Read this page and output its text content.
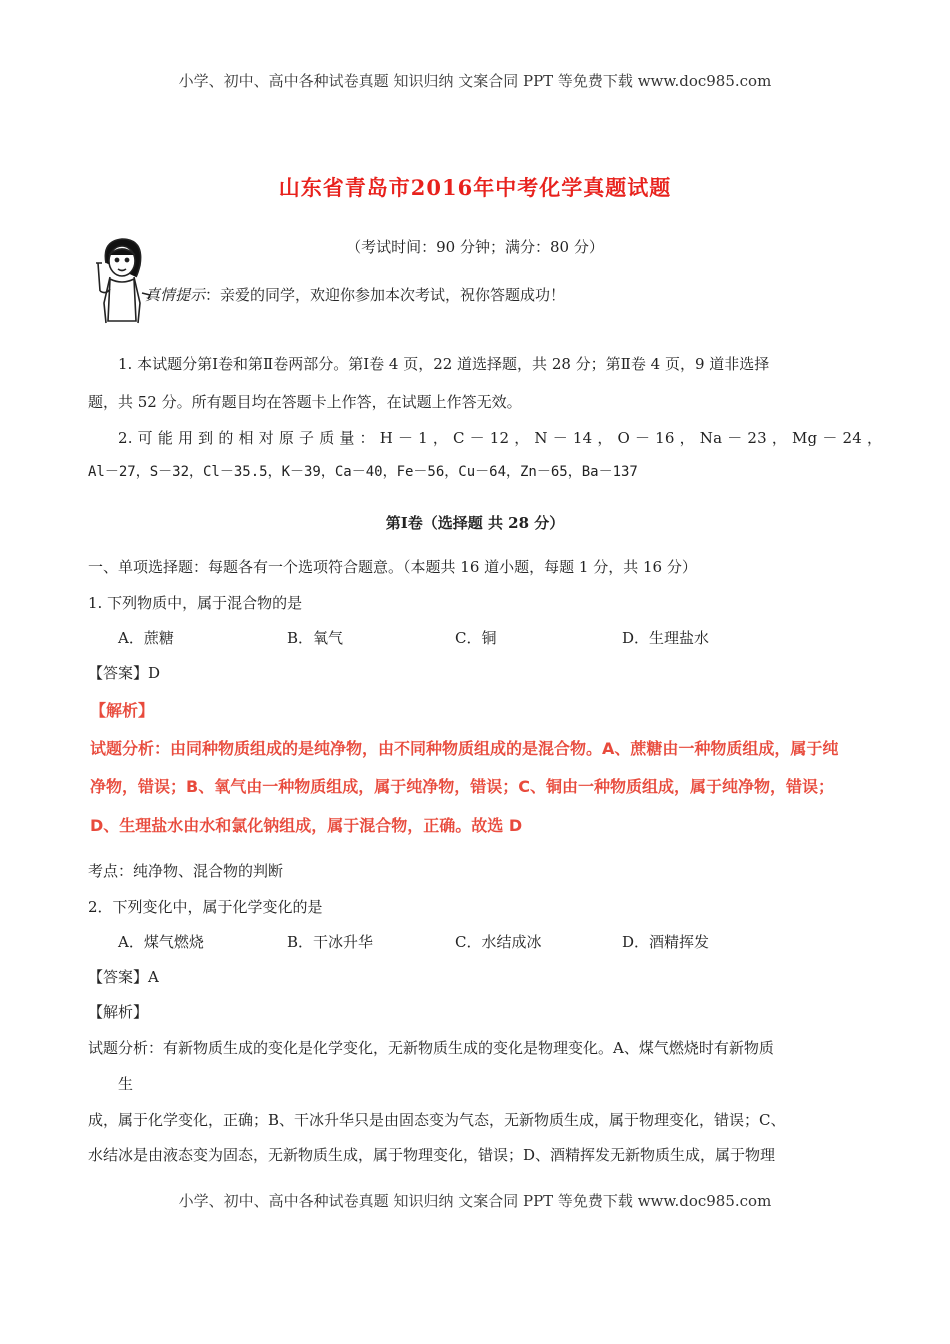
小学、初中、高中各种试卷真题 知识归纳 文案合同 PPT 等免费下载 www.doc985.com
山东省青岛市2016年中考化学真题试题
（考试时间：90 分钟；满分：80 分）
真情提示：亲爱的同学，欢迎你参加本次考试，祝你答题成功！
1. 本试题分第Ⅰ卷和第Ⅱ卷两部分。第Ⅰ卷 4 页，22 道选择题，共 28 分；第Ⅱ卷 4 页，9 道非选择
题，共 52 分。所有题目均在答题卡上作答，在试题上作答无效。
2. 可 能 用 到 的 相 对 原 子 质 量 ： H － 1 ， C － 12 ， N － 14 ， O － 16 ， Na － 23 ， Mg － 24 ，
Al－27，S－32，Cl－35.5，K－39，Ca－40，Fe－56，Cu－64，Zn－65，Ba－137
第Ⅰ卷（选择题 共 28 分）
一、单项选择题：每题各有一个选项符合题意。（本题共 16 道小题，每题 1 分，共 16 分）
1. 下列物质中，属于混合物的是
A．蔗糖	B．氧气	C．铜	D．生理盐水
【答案】D
【解析】
试题分析：由同种物质组成的是纯净物，由不同种物质组成的是混合物。A、蔗糖由一种物质组成，属于纯
净物，错误；B、氧气由一种物质组成，属于纯净物，错误；C、铜由一种物质组成，属于纯净物，错误；
D、生理盐水由水和氯化钠组成，属于混合物，正确。故选 D
考点：纯净物、混合物的判断
2．下列变化中，属于化学变化的是
A．煤气燃烧	B．干冰升华	C．水结成冰	D．酒精挥发
【答案】A
【解析】
试题分析：有新物质生成的变化是化学变化，无新物质生成的变化是物理变化。A、煤气燃烧时有新物质
生
成，属于化学变化，正确；B、干冰升华只是由固态变为气态，无新物质生成，属于物理变化，错误；C、
水结冰是由液态变为固态，无新物质生成，属于物理变化，错误；D、酒精挥发无新物质生成，属于物理
小学、初中、高中各种试卷真题 知识归纳 文案合同 PPT 等免费下载 www.doc985.com
